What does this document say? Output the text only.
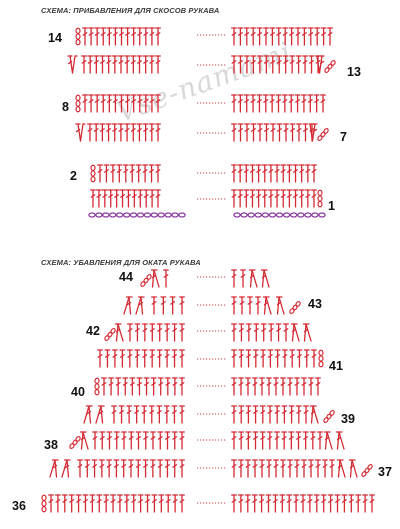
Vse-namami
СХЕМА: ПРИБАВЛЕНИЯ ДЛЯ СКОСОВ РУКАВА
СХЕМА: УБАВЛЕНИЯ ДЛЯ ОКАТА РУКАВА
14
13
8
7
2
1
44
43
42
41
40
39
38
37
36
